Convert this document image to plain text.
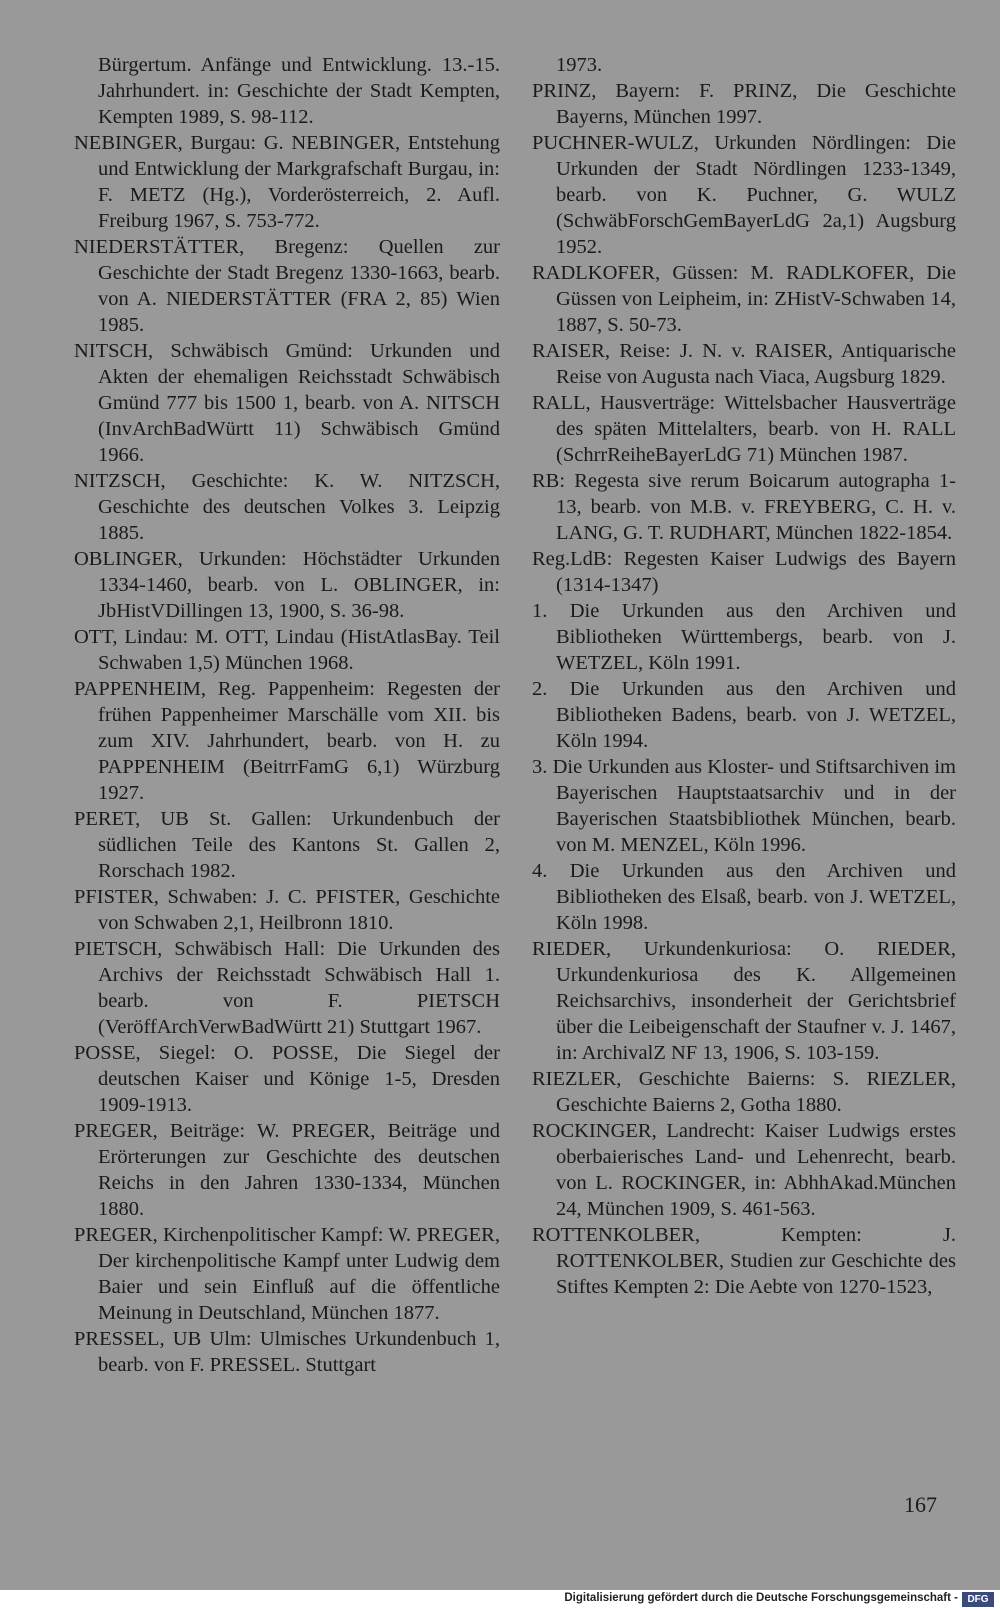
Bürgertum. Anfänge und Entwicklung. 13.-15. Jahrhundert. in: Geschichte der Stadt Kempten, Kempten 1989, S. 98-112.
NEBINGER, Burgau: G. NEBINGER, Entstehung und Entwicklung der Markgrafschaft Burgau, in: F. METZ (Hg.), Vorderösterreich, 2. Aufl. Freiburg 1967, S. 753-772.
NIEDERSTÄTTER, Bregenz: Quellen zur Geschichte der Stadt Bregenz 1330-1663, bearb. von A. NIEDERSTÄTTER (FRA 2, 85) Wien 1985.
NITSCH, Schwäbisch Gmünd: Urkunden und Akten der ehemaligen Reichsstadt Schwäbisch Gmünd 777 bis 1500 1, bearb. von A. NITSCH (InvArchBadWürtt 11) Schwäbisch Gmünd 1966.
NITZSCH, Geschichte: K. W. NITZSCH, Geschichte des deutschen Volkes 3. Leipzig 1885.
OBLINGER, Urkunden: Höchstädter Urkunden 1334-1460, bearb. von L. OBLINGER, in: JbHistVDillingen 13, 1900, S. 36-98.
OTT, Lindau: M. OTT, Lindau (HistAtlasBay. Teil Schwaben 1,5) München 1968.
PAPPENHEIM, Reg. Pappenheim: Regesten der frühen Pappenheimer Marschälle vom XII. bis zum XIV. Jahrhundert, bearb. von H. zu PAPPENHEIM (BeitrrFamG 6,1) Würzburg 1927.
PERET, UB St. Gallen: Urkundenbuch der südlichen Teile des Kantons St. Gallen 2, Rorschach 1982.
PFISTER, Schwaben: J. C. PFISTER, Geschichte von Schwaben 2,1, Heilbronn 1810.
PIETSCH, Schwäbisch Hall: Die Urkunden des Archivs der Reichsstadt Schwäbisch Hall 1. bearb. von F. PIETSCH (VeröffArchVerwBadWürtt 21) Stuttgart 1967.
POSSE, Siegel: O. POSSE, Die Siegel der deutschen Kaiser und Könige 1-5, Dresden 1909-1913.
PREGER, Beiträge: W. PREGER, Beiträge und Erörterungen zur Geschichte des deutschen Reichs in den Jahren 1330-1334, München 1880.
PREGER, Kirchenpolitischer Kampf: W. PREGER, Der kirchenpolitische Kampf unter Ludwig dem Baier und sein Einfluß auf die öffentliche Meinung in Deutschland, München 1877.
PRESSEL, UB Ulm: Ulmisches Urkundenbuch 1, bearb. von F. PRESSEL. Stuttgart
1973.
PRINZ, Bayern: F. PRINZ, Die Geschichte Bayerns, München 1997.
PUCHNER-WULZ, Urkunden Nördlingen: Die Urkunden der Stadt Nördlingen 1233-1349, bearb. von K. Puchner, G. WULZ (SchwäbForschGemBayerLdG 2a,1) Augsburg 1952.
RADLKOFER, Güssen: M. RADLKOFER, Die Güssen von Leipheim, in: ZHistV-Schwaben 14, 1887, S. 50-73.
RAISER, Reise: J. N. v. RAISER, Antiquarische Reise von Augusta nach Viaca, Augsburg 1829.
RALL, Hausverträge: Wittelsbacher Hausverträge des späten Mittelalters, bearb. von H. RALL (SchrrReiheBayerLdG 71) München 1987.
RB: Regesta sive rerum Boicarum autographa 1-13, bearb. von M.B. v. FREYBERG, C. H. v. LANG, G. T. RUDHART, München 1822-1854.
Reg.LdB: Regesten Kaiser Ludwigs des Bayern (1314-1347)
1. Die Urkunden aus den Archiven und Bibliotheken Württembergs, bearb. von J. WETZEL, Köln 1991.
2. Die Urkunden aus den Archiven und Bibliotheken Badens, bearb. von J. WETZEL, Köln 1994.
3. Die Urkunden aus Kloster- und Stiftsarchiven im Bayerischen Hauptstaatsarchiv und in der Bayerischen Staatsbibliothek München, bearb. von M. MENZEL, Köln 1996.
4. Die Urkunden aus den Archiven und Bibliotheken des Elsaß, bearb. von J. WETZEL, Köln 1998.
RIEDER, Urkundenkuriosa: O. RIEDER, Urkundenkuriosa des K. Allgemeinen Reichsarchivs, insonderheit der Gerichtsbrief über die Leibeigenschaft der Staufner v. J. 1467, in: ArchivalZ NF 13, 1906, S. 103-159.
RIEZLER, Geschichte Baierns: S. RIEZLER, Geschichte Baierns 2, Gotha 1880.
ROCKINGER, Landrecht: Kaiser Ludwigs erstes oberbaierisches Land- und Lehenrecht, bearb. von L. ROCKINGER, in: AbhhAkad.München 24, München 1909, S. 461-563.
ROTTENKOLBER, Kempten: J. ROTTENKOLBER, Studien zur Geschichte des Stiftes Kempten 2: Die Aebte von 1270-1523,
167
Digitalisierung gefördert durch die Deutsche Forschungsgemeinschaft - DFG
